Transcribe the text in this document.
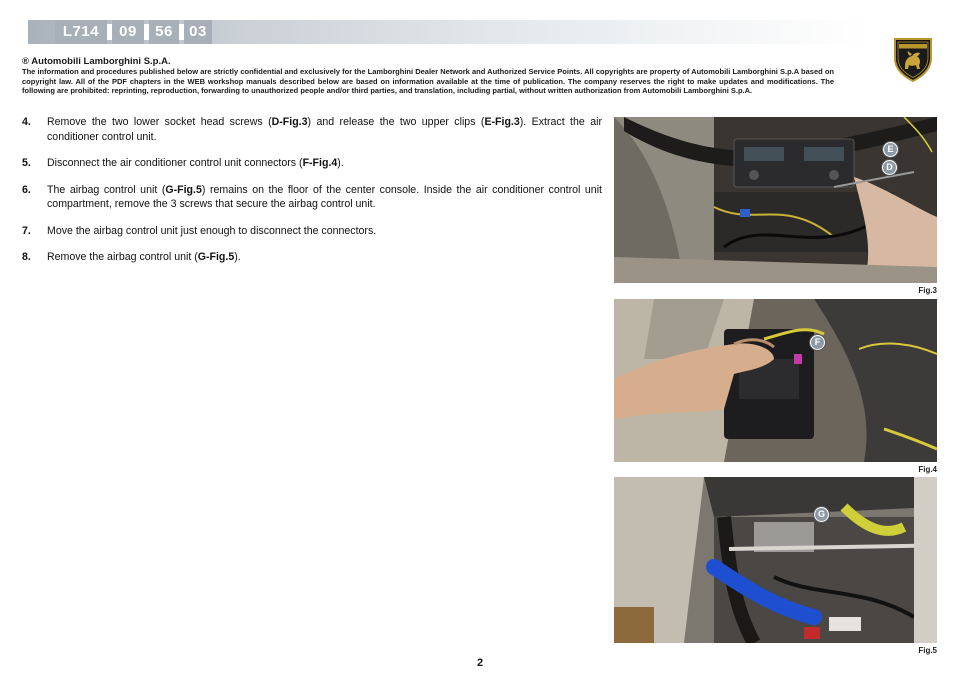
L714	09	56	03
® Automobili Lamborghini S.p.A.
The information and procedures published below are strictly confidential and exclusively for the Lamborghini Dealer Network and Authorized Service Points. All copyrights are property of Automobili Lamborghini S.p.A based on copyright law. All of the PDF chapters in the WEB workshop manuals described below are based on information available at the time of publication. The company reserves the right to make updates and modifications. The following are prohibited: reprinting, reproduction, forwarding to unauthorized people and/or third parties, and translation, including partial, without written authorization from Automobili Lamborghini S.p.A.
4. Remove the two lower socket head screws (D-Fig.3) and release the two upper clips (E-Fig.3). Extract the air conditioner control unit.
5. Disconnect the air conditioner control unit connectors (F-Fig.4).
6. The airbag control unit (G-Fig.5) remains on the floor of the center console. Inside the air conditioner control unit compartment, remove the 3 screws that secure the airbag control unit.
7. Move the airbag control unit just enough to disconnect the connectors.
8. Remove the airbag control unit (G-Fig.5).
E
D
Fig.3
F
Fig.4
G
Fig.5
2
